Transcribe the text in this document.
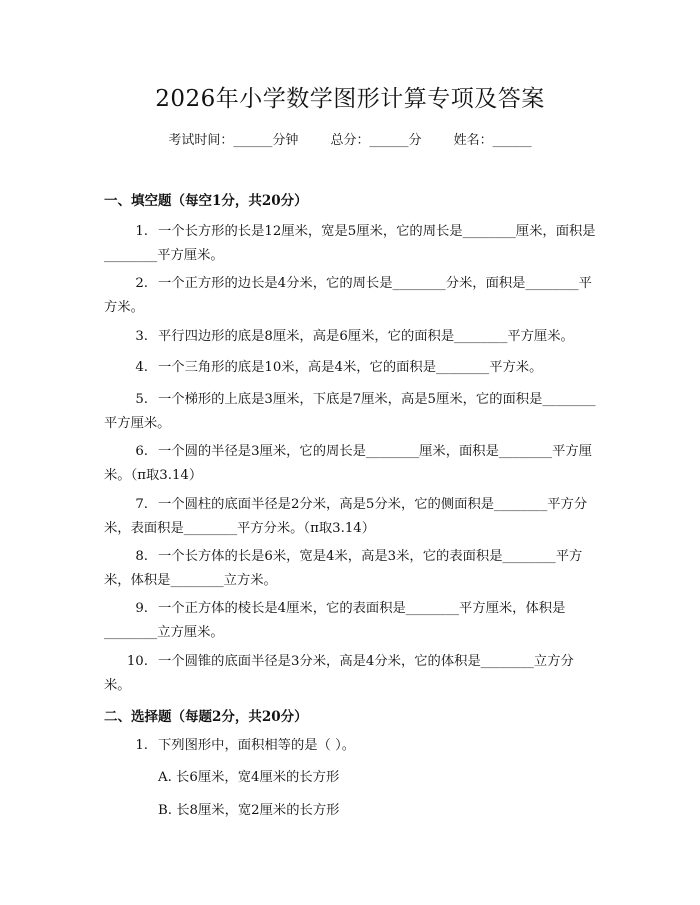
2026年小学数学图形计算专项及答案
考试时间：______分钟 总分：______分 姓名：______
一、填空题（每空1分，共20分）
1. 一个长方形的长是12厘米，宽是5厘米，它的周长是________厘米，面积是________平方厘米。
2. 一个正方形的边长是4分米，它的周长是________分米，面积是________平方米。
3. 平行四边形的底是8厘米，高是6厘米，它的面积是________平方厘米。
4. 一个三角形的底是10米，高是4米，它的面积是________平方米。
5. 一个梯形的上底是3厘米，下底是7厘米，高是5厘米，它的面积是________平方厘米。
6. 一个圆的半径是3厘米，它的周长是________厘米，面积是________平方厘米。（π取3.14）
7. 一个圆柱的底面半径是2分米，高是5分米，它的侧面积是________平方分米，表面积是________平方分米。（π取3.14）
8. 一个长方体的长是6米，宽是4米，高是3米，它的表面积是________平方米，体积是________立方米。
9. 一个正方体的棱长是4厘米，它的表面积是________平方厘米，体积是________立方厘米。
10. 一个圆锥的底面半径是3分米，高是4分米，它的体积是________立方分米。
二、选择题（每题2分，共20分）
1. 下列图形中，面积相等的是（ ）。
A. 长6厘米，宽4厘米的长方形
B. 长8厘米，宽2厘米的长方形
